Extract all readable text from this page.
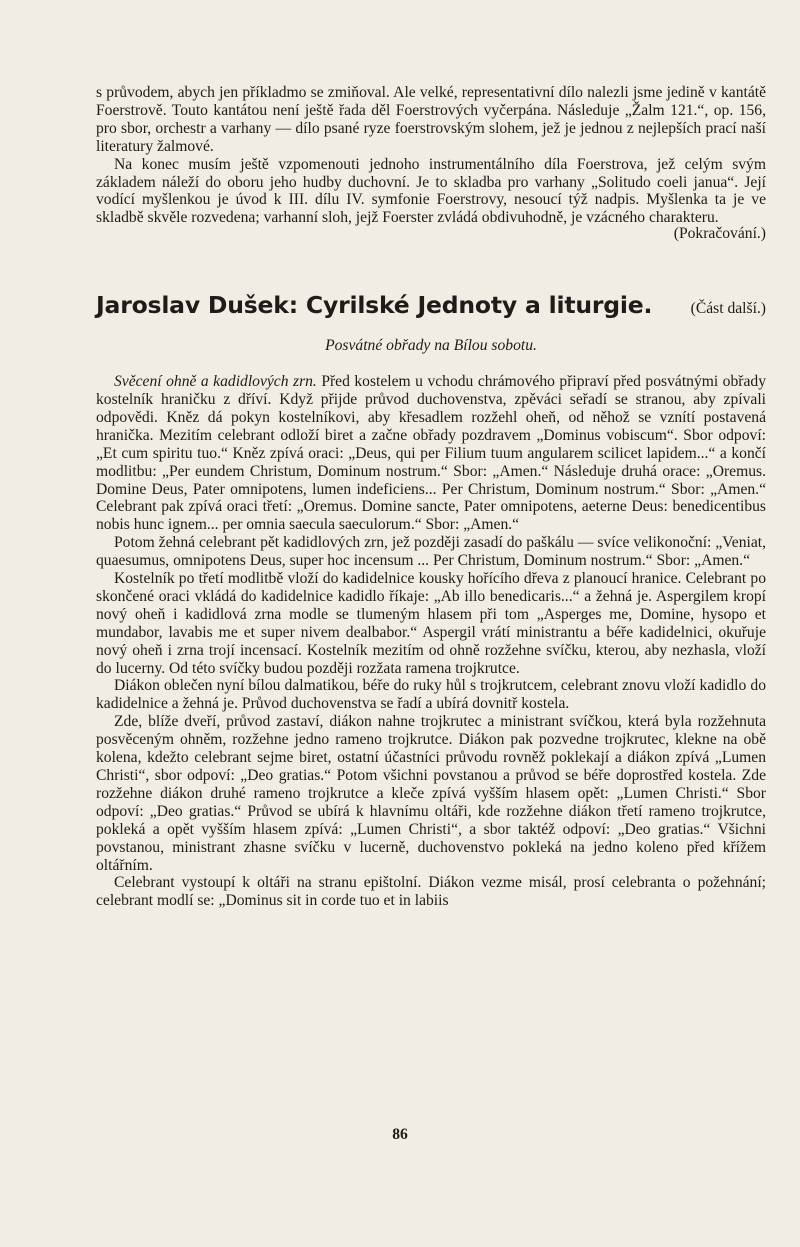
s průvodem, abych jen příkladmo se zmiňoval. Ale velké, representativní dílo nalezli jsme jedině v kantátě Foerstrově. Touto kantátou není ještě řada děl Foerstrových vyčerpána. Následuje „Žalm 121.“, op. 156, pro sbor, orchestr a varhany — dílo psané ryze foerstrovským slohem, jež je jednou z nejlepších prací naší literatury žalmové.

Na konec musím ještě vzpomenouti jednoho instrumentálního díla Foerstrova, jež celým svým základem náleží do oboru jeho hudby duchovní. Je to skladba pro varhany „Solitudo coeli janua“. Její vodící myšlenkou je úvod k III. dílu IV. symfonie Foerstrovy, nesoucí týž nadpis. Myšlenka ta je ve skladbě skvěle rozvedena; varhanní sloh, jejž Foerster zvládá obdivuhodně, je vzácného charakteru.

(Pokračování.)

Jaroslav Dušek: Cyrilské Jednoty a liturgie. (Část další.)

Posvátné obřady na Bílou sobotu.

Svěcení ohně a kadidlových zrn. Před kostelem u vchodu chrámového připraví před posvátnými obřady kostelník hraničku z dříví. Když přijde průvod duchovenstva, zpěváci seřadí se stranou, aby zpívali odpovědi. Kněz dá pokyn kostelníkovi, aby křesadlem rozžehl oheň, od něhož se vznítí postavená hranička. Mezitím celebrant odloží biret a začne obřady pozdravem „Dominus vobiscum“. Sbor odpoví: „Et cum spiritu tuo.“ Kněz zpívá oraci: „Deus, qui per Filium tuum angularem scilicet lapidem...“ a končí modlitbu: „Per eundem Christum, Dominum nostrum.“ Sbor: „Amen.“ Následuje druhá orace: „Oremus. Domine Deus, Pater omnipotens, lumen indeficiens... Per Christum, Dominum nostrum.“ Sbor: „Amen.“ Celebrant pak zpívá oraci třetí: „Oremus. Domine sancte, Pater omnipotens, aeterne Deus: benedicentibus nobis hunc ignem... per omnia saecula saeculorum.“ Sbor: „Amen.“

Potom žehná celebrant pět kadidlových zrn, jež později zasadí do paškálu — svíce velikonoční: „Veniat, quaesumus, omnipotens Deus, super hoc incensum ... Per Christum, Dominum nostrum.“ Sbor: „Amen.“

Kostelník po třetí modlitbě vloží do kadidelnice kousky hořícího dřeva z planoucí hranice. Celebrant po skončené oraci vkládá do kadidelnice kadidlo říkaje: „Ab illo benedicaris...“ a žehná je. Aspergilem kropí nový oheň i kadidlová zrna modle se tlumeným hlasem při tom „Asperges me, Domine, hysopo et mundabor, lavabis me et super nivem dealbabor.“ Aspergil vrátí ministrantu a béře kadidelnici, okuřuje nový oheň i zrna trojí incensací. Kostelník mezitím od ohně rozžehne svíčku, kterou, aby nezhasla, vloží do lucerny. Od této svíčky budou později rozžata ramena trojkrutce.

Diákon oblečen nyní bílou dalmatikou, béře do ruky hůl s trojkrutcem, celebrant znovu vloží kadidlo do kadidelnice a žehná je. Průvod duchovenstva se řadí a ubírá dovnitř kostela.

Zde, blíže dveří, průvod zastaví, diákon nahne trojkrutec a ministrant svíčkou, která byla rozžehnuta posvěceným ohněm, rozžehne jedno rameno trojkrutce. Diákon pak pozvedne trojkrutec, klekne na obě kolena, kdežto celebrant sejme biret, ostatní účastníci průvodu rovněž poklekají a diákon zpívá „Lumen Christi“, sbor odpoví: „Deo gratias.“ Potom všichni povstanou a průvod se béře doprostřed kostela. Zde rozžehne diákon druhé rameno trojkrutce a kleče zpívá vyšším hlasem opět: „Lumen Christi.“ Sbor odpoví: „Deo gratias.“ Průvod se ubírá k hlavnímu oltáři, kde rozžehne diákon třetí rameno trojkrutce, pokleká a opět vyšším hlasem zpívá: „Lumen Christi“, a sbor taktéž odpoví: „Deo gratias.“ Všichni povstanou, ministrant zhasne svíčku v lucerně, duchovenstvo pokleká na jedno koleno před křížem oltářním.

Celebrant vystoupí k oltáři na stranu epištolní. Diákon vezme misál, prosí celebranta o požehnání; celebrant modlí se: „Dominus sit in corde tuo et in labiis

86
